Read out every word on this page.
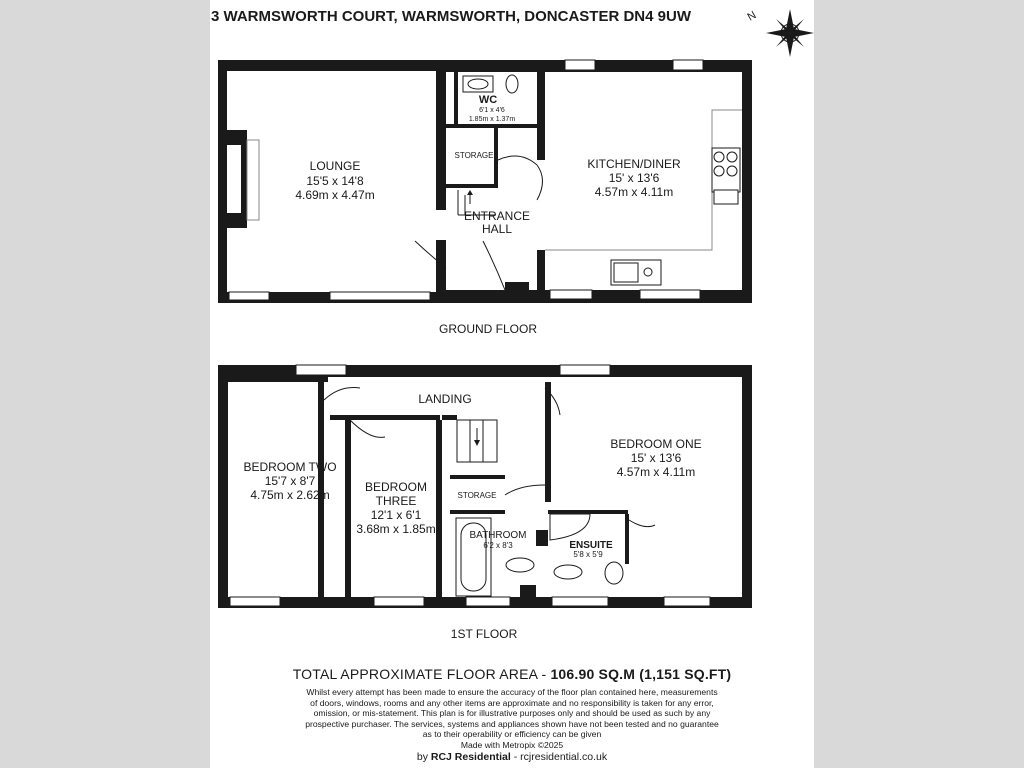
3 WARMSWORTH COURT, WARMSWORTH, DONCASTER DN4 9UW	N
LOUNGE
15'5 x 14'8
4.69m x 4.47m
WC
6'1 x 4'6
1.85m x 1.37m
STORAGE
ENTRANCE
HALL
KITCHEN/DINER
15' x 13'6
4.57m x 4.11m
GROUND FLOOR
LANDING
BEDROOM TWO
15'7 x 8'7
4.75m x 2.62m
BEDROOM
THREE
12'1 x 6'1
3.68m x 1.85m
STORAGE
BATHROOM
6'2 x 8'3
BEDROOM ONE
15' x 13'6
4.57m x 4.11m
ENSUITE
5'8 x 5'9
1ST FLOOR
TOTAL APPROXIMATE FLOOR AREA - 106.90 SQ.M (1,151 SQ.FT)
Whilst every attempt has been made to ensure the accuracy of the floor plan contained here, measurements
of doors, windows, rooms and any other items are approximate and no responsibility is taken for any error,
omission, or mis-statement. This plan is for illustrative purposes only and should be used as such by any
prospective purchaser. The services, systems and appliances shown have not been tested and no guarantee
as to their operability or efficiency can be given
Made with Metropix ©2025
by RCJ Residential - rcjresidential.co.uk
